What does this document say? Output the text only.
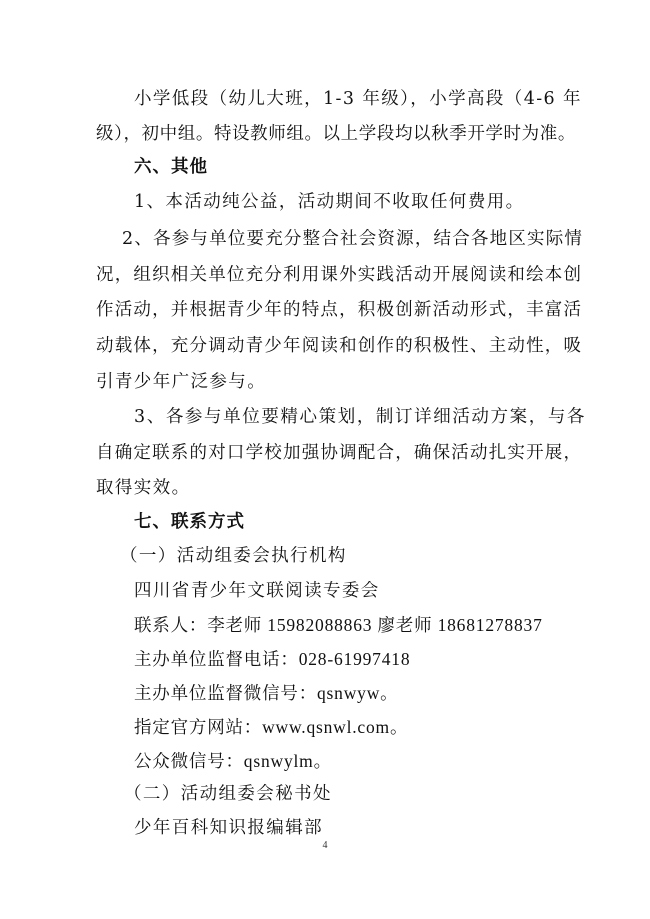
小学低段（幼儿大班，1-3 年级），小学高段（4-6 年
级），初中组。特设教师组。以上学段均以秋季开学时为准。
六、其他
1、本活动纯公益，活动期间不收取任何费用。
2、各参与单位要充分整合社会资源，结合各地区实际情
况，组织相关单位充分利用课外实践活动开展阅读和绘本创
作活动，并根据青少年的特点，积极创新活动形式，丰富活
动载体，充分调动青少年阅读和创作的积极性、主动性，吸
引青少年广泛参与。
3、各参与单位要精心策划，制订详细活动方案，与各
自确定联系的对口学校加强协调配合，确保活动扎实开展，
取得实效。
七、联系方式
（一）活动组委会执行机构
四川省青少年文联阅读专委会
联系人：李老师 15982088863 廖老师 18681278837
主办单位监督电话：028-61997418
主办单位监督微信号：qsnwyw。
指定官方网站：www.qsnwl.com。
公众微信号：qsnwylm。
（二）活动组委会秘书处
少年百科知识报编辑部
4
